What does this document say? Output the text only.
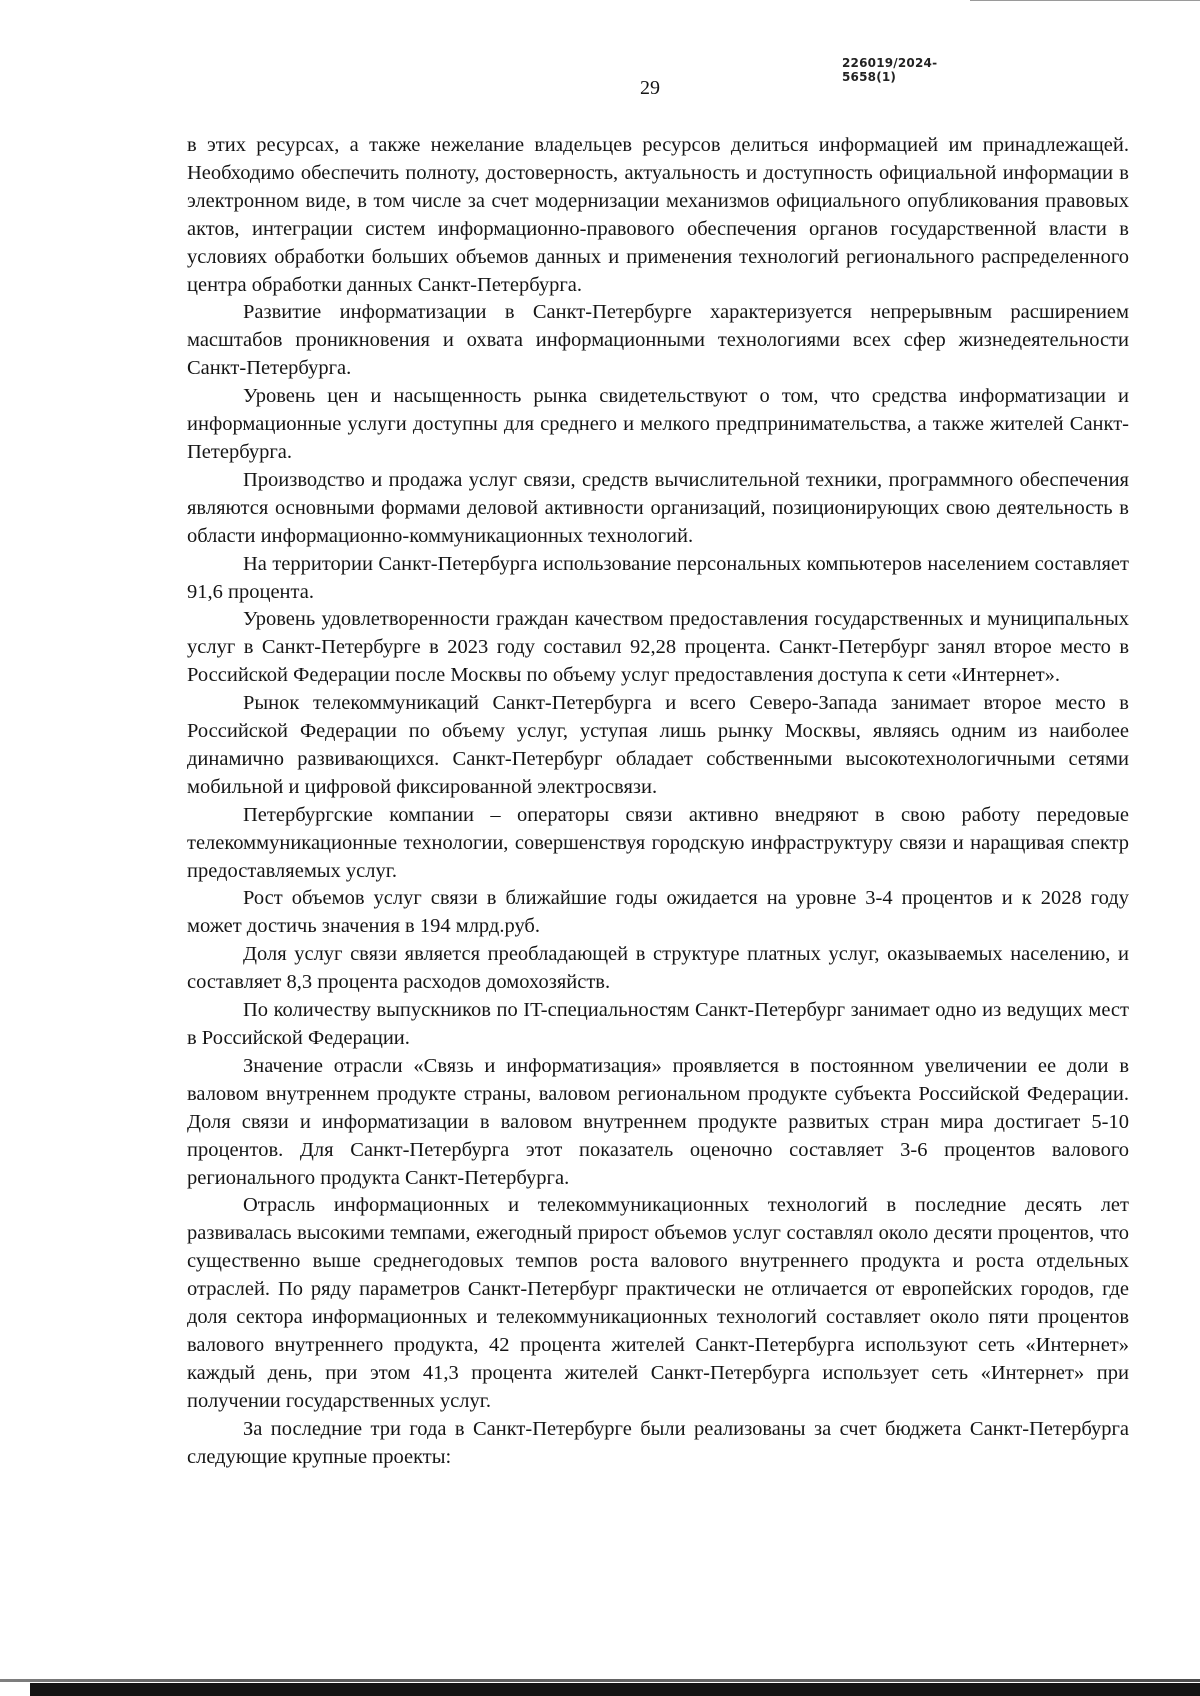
226019/2024-5658(1)
29

в этих ресурсах, а также нежелание владельцев ресурсов делиться информацией им принадлежащей. Необходимо обеспечить полноту, достоверность, актуальность и доступность официальной информации в электронном виде, в том числе за счет модернизации механизмов официального опубликования правовых актов, интеграции систем информационно-правового обеспечения органов государственной власти в условиях обработки больших объемов данных и применения технологий регионального распределенного центра обработки данных Санкт-Петербурга.

Развитие информатизации в Санкт-Петербурге характеризуется непрерывным расширением масштабов проникновения и охвата информационными технологиями всех сфер жизнедеятельности Санкт-Петербурга.

Уровень цен и насыщенность рынка свидетельствуют о том, что средства информатизации и информационные услуги доступны для среднего и мелкого предпринимательства, а также жителей Санкт-Петербурга.

Производство и продажа услуг связи, средств вычислительной техники, программного обеспечения являются основными формами деловой активности организаций, позиционирующих свою деятельность в области информационно-коммуникационных технологий.

На территории Санкт-Петербурга использование персональных компьютеров населением составляет 91,6 процента.

Уровень удовлетворенности граждан качеством предоставления государственных и муниципальных услуг в Санкт-Петербурге в 2023 году составил 92,28 процента. Санкт-Петербург занял второе место в Российской Федерации после Москвы по объему услуг предоставления доступа к сети «Интернет».

Рынок телекоммуникаций Санкт-Петербурга и всего Северо-Запада занимает второе место в Российской Федерации по объему услуг, уступая лишь рынку Москвы, являясь одним из наиболее динамично развивающихся. Санкт-Петербург обладает собственными высокотехнологичными сетями мобильной и цифровой фиксированной электросвязи.

Петербургские компании – операторы связи активно внедряют в свою работу передовые телекоммуникационные технологии, совершенствуя городскую инфраструктуру связи и наращивая спектр предоставляемых услуг.

Рост объемов услуг связи в ближайшие годы ожидается на уровне 3-4 процентов и к 2028 году может достичь значения в 194 млрд.руб.

Доля услуг связи является преобладающей в структуре платных услуг, оказываемых населению, и составляет 8,3 процента расходов домохозяйств.

По количеству выпускников по IT-специальностям Санкт-Петербург занимает одно из ведущих мест в Российской Федерации.

Значение отрасли «Связь и информатизация» проявляется в постоянном увеличении ее доли в валовом внутреннем продукте страны, валовом региональном продукте субъекта Российской Федерации. Доля связи и информатизации в валовом внутреннем продукте развитых стран мира достигает 5-10 процентов. Для Санкт-Петербурга этот показатель оценочно составляет 3-6 процентов валового регионального продукта Санкт-Петербурга.

Отрасль информационных и телекоммуникационных технологий в последние десять лет развивалась высокими темпами, ежегодный прирост объемов услуг составлял около десяти процентов, что существенно выше среднегодовых темпов роста валового внутреннего продукта и роста отдельных отраслей. По ряду параметров Санкт-Петербург практически не отличается от европейских городов, где доля сектора информационных и телекоммуникационных технологий составляет около пяти процентов валового внутреннего продукта, 42 процента жителей Санкт-Петербурга используют сеть «Интернет» каждый день, при этом 41,3 процента жителей Санкт-Петербурга использует сеть «Интернет» при получении государственных услуг.

За последние три года в Санкт-Петербурге были реализованы за счет бюджета Санкт-Петербурга следующие крупные проекты:
